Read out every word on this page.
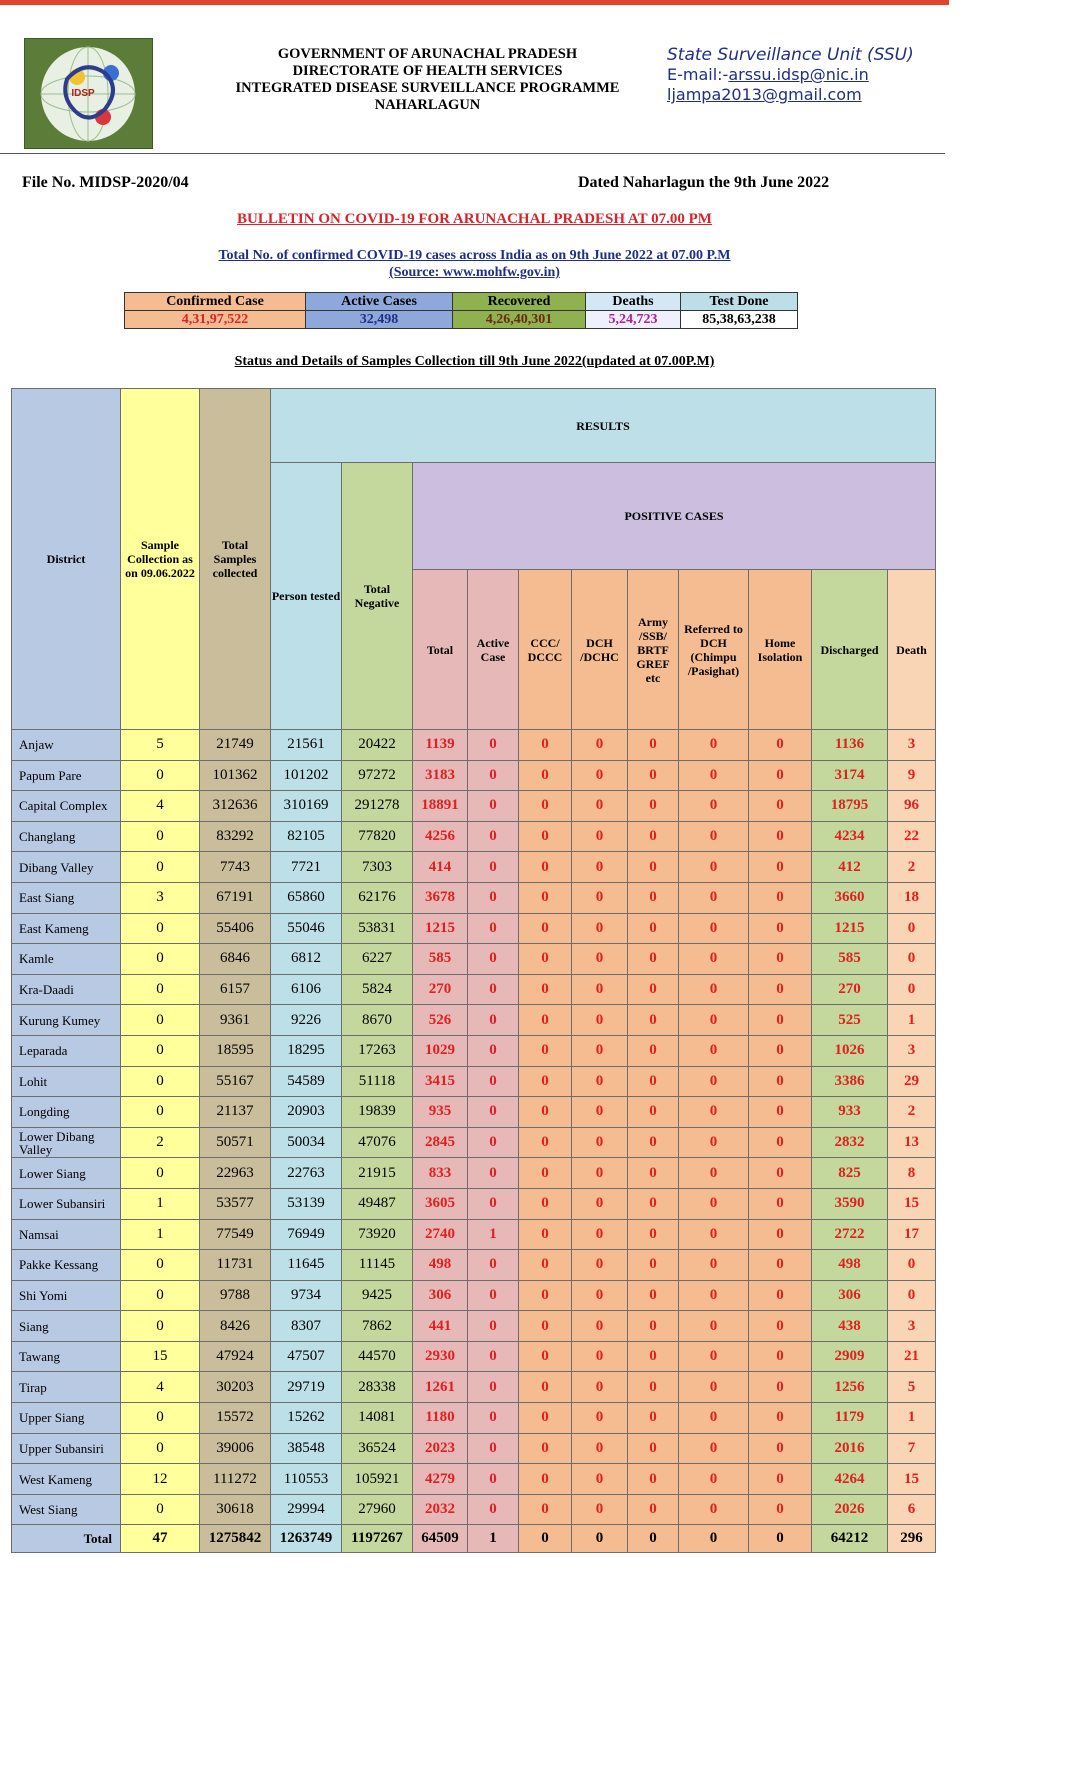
IDSP
GOVERNMENT OF ARUNACHAL PRADESH
DIRECTORATE OF HEALTH SERVICES
INTEGRATED DISEASE SURVEILLANCE PROGRAMME
NAHARLAGUN
State Surveillance Unit (SSU)
E-mail:-arssu.idsp@nic.in
ljampa2013@gmail.com
File No. MIDSP-2020/04	Dated Naharlagun the 9th June 2022
BULLETIN ON COVID-19 FOR ARUNACHAL PRADESH AT 07.00 PM
Total No. of confirmed COVID-19 cases across India as on 9th June 2022 at 07.00 P.M
(Source: www.mohfw.gov.in)
Confirmed Case	Active Cases	Recovered	Deaths	Test Done
4,31,97,522	32,498	4,26,40,301	5,24,723	85,38,63,238
Status and Details of Samples Collection till 9th June 2022(updated at 07.00P.M)
District	Sample Collection as on 09.06.2022	Total Samples collected	RESULTS										
			Person tested	Total Negative	POSITIVE CASES								
					Total	Active Case	CCC/ DCCC	DCH /DCHC	Army /SSB/ BRTF GREF etc	Referred to DCH (Chimpu /Pasighat)	Home Isolation	Discharged	Death
Anjaw	5	21749	21561	20422	1139	0	0	0	0	0	0	1136	3
Papum Pare	0	101362	101202	97272	3183	0	0	0	0	0	0	3174	9
Capital Complex	4	312636	310169	291278	18891	0	0	0	0	0	0	18795	96
Changlang	0	83292	82105	77820	4256	0	0	0	0	0	0	4234	22
Dibang Valley	0	7743	7721	7303	414	0	0	0	0	0	0	412	2
East Siang	3	67191	65860	62176	3678	0	0	0	0	0	0	3660	18
East Kameng	0	55406	55046	53831	1215	0	0	0	0	0	0	1215	0
Kamle	0	6846	6812	6227	585	0	0	0	0	0	0	585	0
Kra-Daadi	0	6157	6106	5824	270	0	0	0	0	0	0	270	0
Kurung Kumey	0	9361	9226	8670	526	0	0	0	0	0	0	525	1
Leparada	0	18595	18295	17263	1029	0	0	0	0	0	0	1026	3
Lohit	0	55167	54589	51118	3415	0	0	0	0	0	0	3386	29
Longding	0	21137	20903	19839	935	0	0	0	0	0	0	933	2
Lower Dibang Valley	2	50571	50034	47076	2845	0	0	0	0	0	0	2832	13
Lower Siang	0	22963	22763	21915	833	0	0	0	0	0	0	825	8
Lower Subansiri	1	53577	53139	49487	3605	0	0	0	0	0	0	3590	15
Namsai	1	77549	76949	73920	2740	1	0	0	0	0	0	2722	17
Pakke Kessang	0	11731	11645	11145	498	0	0	0	0	0	0	498	0
Shi Yomi	0	9788	9734	9425	306	0	0	0	0	0	0	306	0
Siang	0	8426	8307	7862	441	0	0	0	0	0	0	438	3
Tawang	15	47924	47507	44570	2930	0	0	0	0	0	0	2909	21
Tirap	4	30203	29719	28338	1261	0	0	0	0	0	0	1256	5
Upper Siang	0	15572	15262	14081	1180	0	0	0	0	0	0	1179	1
Upper Subansiri	0	39006	38548	36524	2023	0	0	0	0	0	0	2016	7
West Kameng	12	111272	110553	105921	4279	0	0	0	0	0	0	4264	15
West Siang	0	30618	29994	27960	2032	0	0	0	0	0	0	2026	6
Total	47	1275842	1263749	1197267	64509	1	0	0	0	0	0	64212	296
